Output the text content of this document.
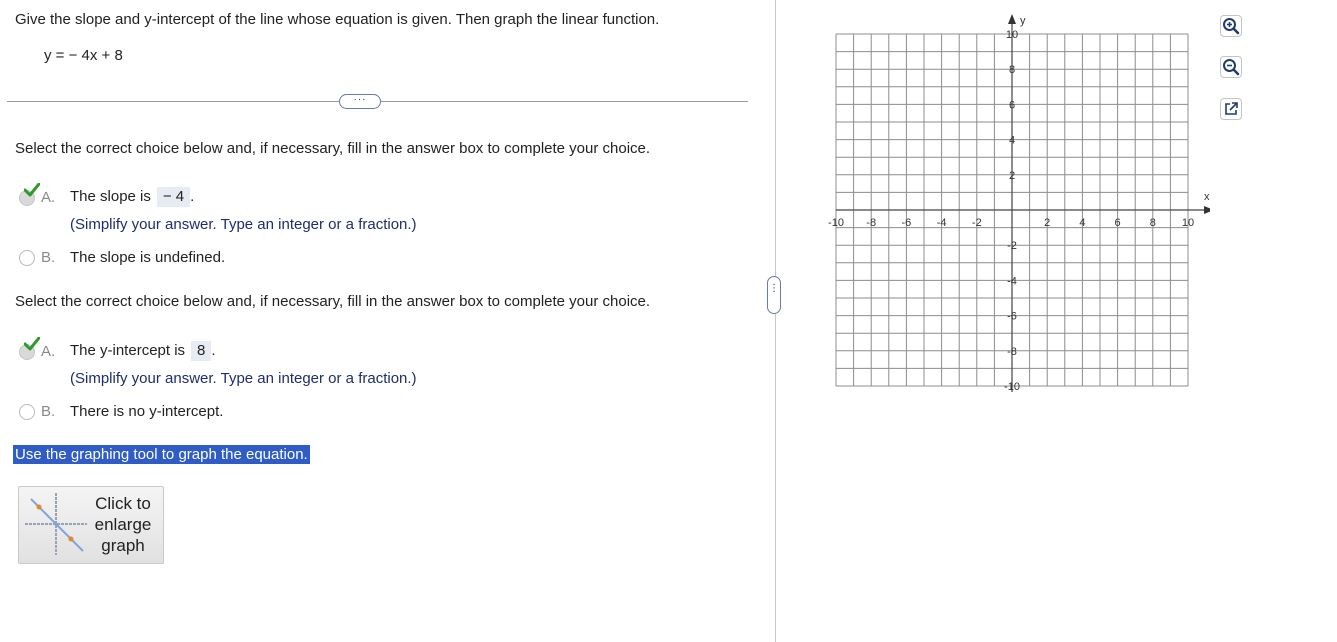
Give the slope and y-intercept of the line whose equation is given. Then graph the linear function.
y = − 4x + 8
···
Select the correct choice below and, if necessary, fill in the answer box to complete your choice.
A. The slope is− 4 .
(Simplify your answer. Type an integer or a fraction.)
B. The slope is undefined.
Select the correct choice below and, if necessary, fill in the answer box to complete your choice.
A. The y-intercept is 8 .
(Simplify your answer. Type an integer or a fraction.)
B. There is no y-intercept.
Use the graphing tool to graph the equation.
Click to enlarge graph
⋮
x
y
-10 -8 -6 -4 -2	2	4	6	8 10
10
8
6
4
2
-2
-4
-6
-8
-10
